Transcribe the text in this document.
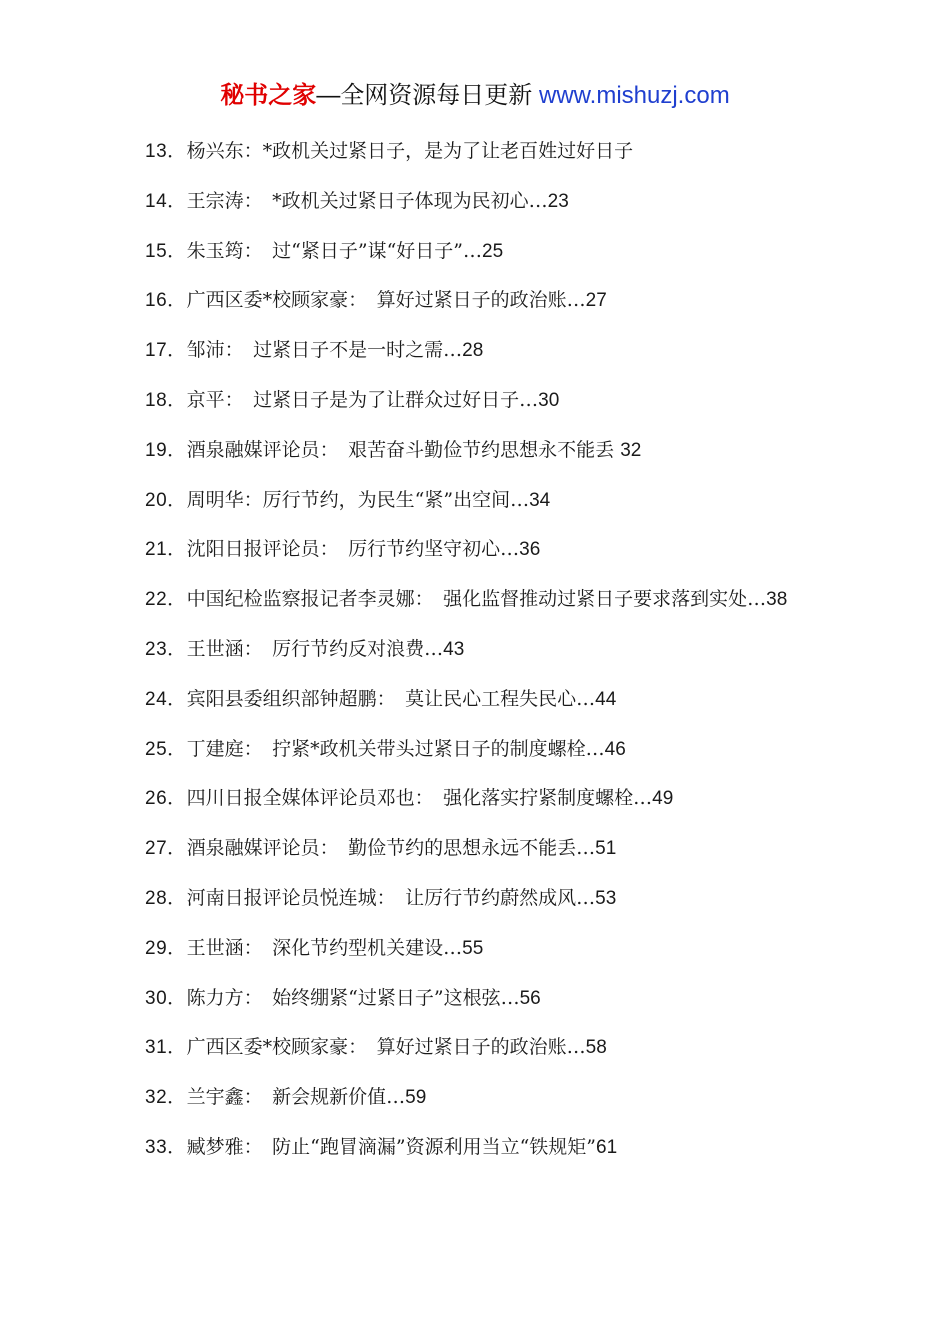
秘书之家—全网资源每日更新 www.mishuzj.com
13．杨兴东：*政机关过紧日子，是为了让老百姓过好日子
14．王宗涛：　*政机关过紧日子体现为民初心…23
15．朱玉筠：　过“紧日子”谋“好日子”…25
16．广西区委*校顾家豪：　算好过紧日子的政治账…27
17．邹沛：　过紧日子不是一时之需…28
18．京平：　过紧日子是为了让群众过好日子…30
19．酒泉融媒评论员：　艰苦奋斗勤俭节约思想永不能丢 32
20．周明华：厉行节约，为民生“紧”出空间…34
21．沈阳日报评论员：　厉行节约坚守初心…36
22．中国纪检监察报记者李灵娜：　强化监督推动过紧日子要求落到实处…38
23．王世涵：　厉行节约反对浪费…43
24．宾阳县委组织部钟超鹏：　莫让民心工程失民心…44
25．丁建庭：　拧紧*政机关带头过紧日子的制度螺栓…46
26．四川日报全媒体评论员邓也：　强化落实拧紧制度螺栓…49
27．酒泉融媒评论员：　勤俭节约的思想永远不能丢…51
28．河南日报评论员悦连城：　让厉行节约蔚然成风…53
29．王世涵：　深化节约型机关建设…55
30．陈力方：　始终绷紧“过紧日子”这根弦…56
31．广西区委*校顾家豪：　算好过紧日子的政治账…58
32．兰宇鑫：　新会规新价值…59
33．臧梦雅：　防止“跑冒滴漏”资源利用当立“铁规矩”61
